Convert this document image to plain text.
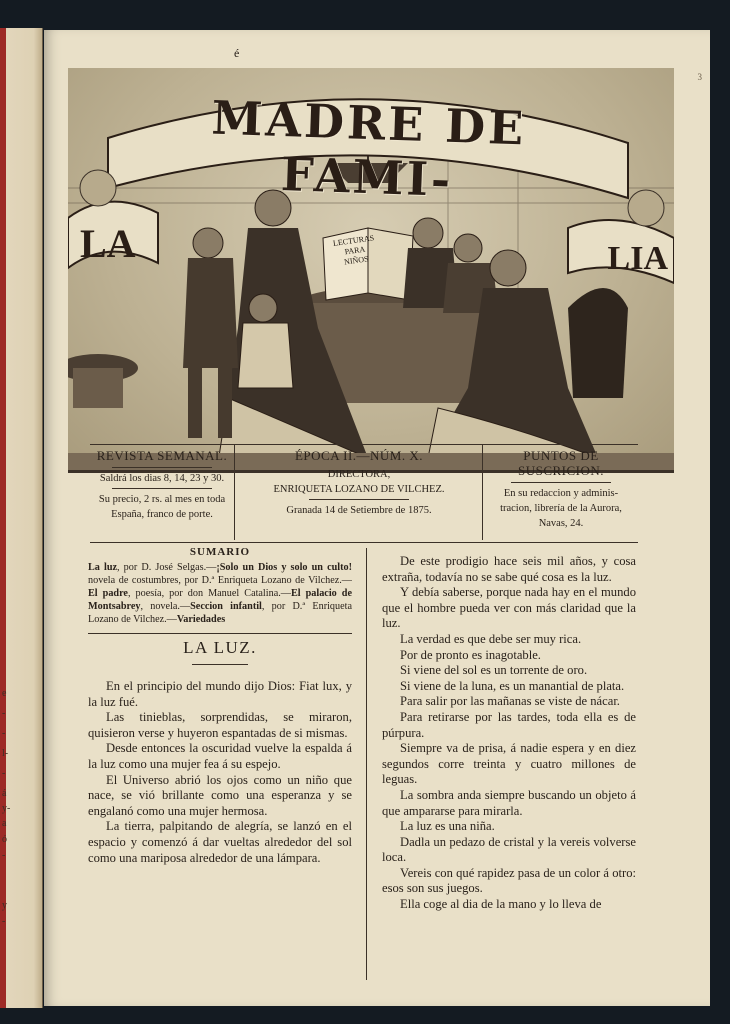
e
-
-
l-
-
á
y-
a
ó
-
y
-
3
é
MADRE DE FAMI-
LA	LIA
LECTURAS
PARA
NIÑOS
REVISTA SEMANAL.
Saldrá los dias 8, 14, 23 y 30.
Su precio, 2 rs. al mes en toda
España, franco de porte.
ÉPOCA II.—NÚM. X.
DIRECTORA,
ENRIQUETA LOZANO DE VILCHEZ.
Granada 14 de Setiembre de 1875.
PUNTOS DE SUSCRICION.
En su redaccion y adminis-
tracion, librería de la Aurora,
Navas, 24.
SUMARIO
La luz, por D. José Selgas.—¡Solo un Dios y solo un culto! novela de costumbres, por D.ª Enriqueta Lozano de Vilchez.—El padre, poesía, por don Manuel Catalina.—El palacio de Montsabrey, novela.—Seccion infantil, por D.ª Enriqueta Lozano de Vilchez.—Variedades
LA LUZ.

En el principio del mundo dijo Dios: Fiat lux, y la luz fué.

Las tinieblas, sorprendidas, se miraron, quisieron verse y huyeron espantadas de si mismas.

Desde entonces la oscuridad vuelve la espalda á la luz como una mujer fea á su espejo.

El Universo abrió los ojos como un niño que nace, se vió brillante como una esperanza y se engalanó como una mujer hermosa.

La tierra, palpitando de alegría, se lanzó en el espacio y comenzó á dar vueltas alrededor del sol como una mariposa alrededor de una lámpara.

De este prodigio hace seis mil años, y cosa extraña, todavía no se sabe qué cosa es la luz.

Y debía saberse, porque nada hay en el mundo que el hombre pueda ver con más claridad que la luz.

La verdad es que debe ser muy rica.

Por de pronto es inagotable.

Si viene del sol es un torrente de oro.

Si viene de la luna, es un manantial de plata.

Para salir por las mañanas se viste de nácar.

Para retirarse por las tardes, toda ella es de púrpura.

Siempre va de prisa, á nadie espera y en diez segundos corre treinta y cuatro millones de leguas.

La sombra anda siempre buscando un objeto á que ampararse para mirarla.

La luz es una niña.

Dadla un pedazo de cristal y la vereis volverse loca.

Vereis con qué rapidez pasa de un color á otro: esos son sus juegos.

Ella coge al dia de la mano y lo lleva de
